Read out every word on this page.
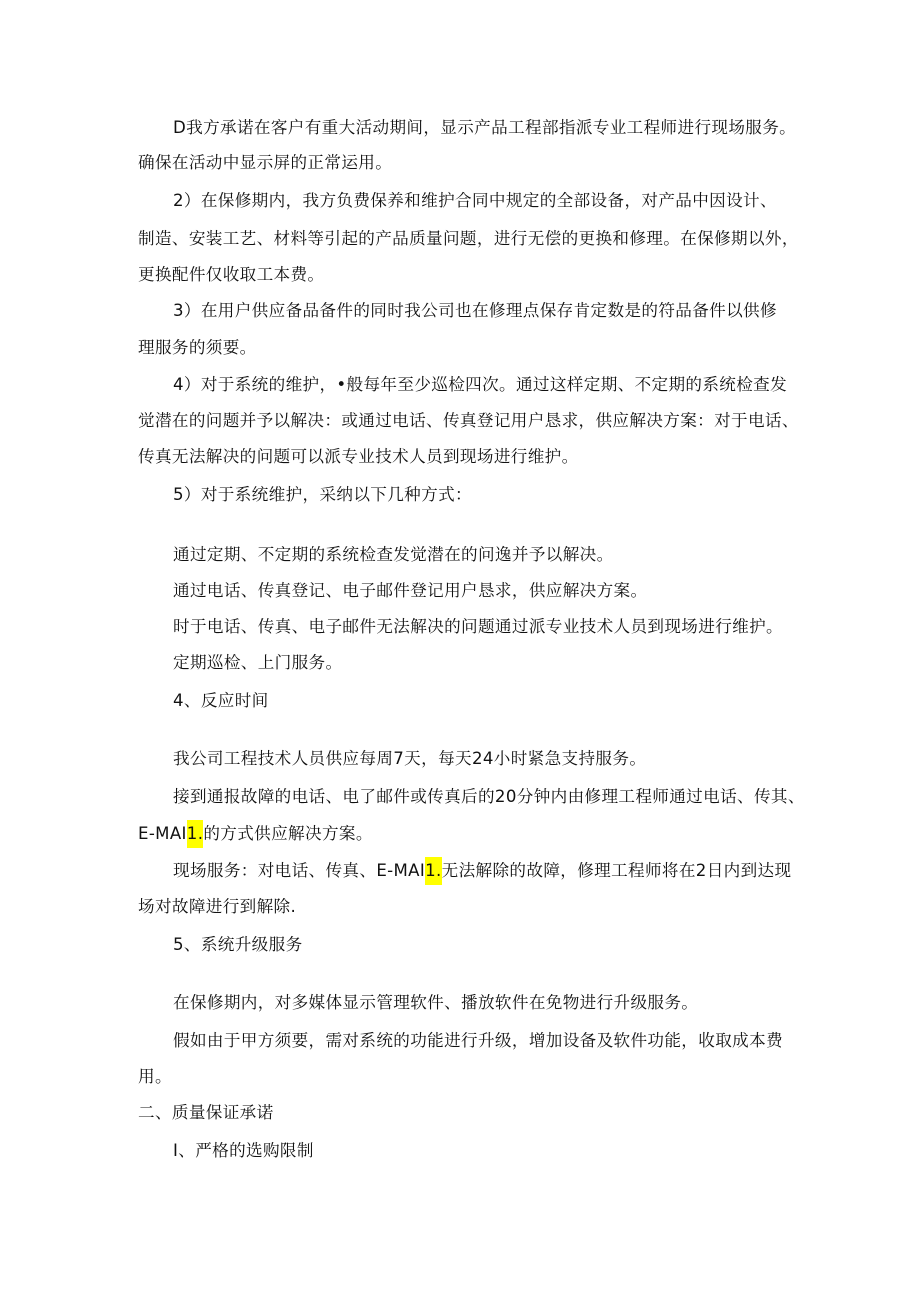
D我方承诺在客户有重大活动期间，显示产品工程部指派专业工程师进行现场服务。
确保在活动中显示屏的正常运用。
2）在保修期内，我方负费保养和维护合同中规定的全部设备，对产品中因设计、
制造、安装工艺、材料等引起的产品质量问题，进行无偿的更换和修理。在保修期以外，
更换配件仅收取工本费。
3）在用户供应备品备件的同时我公司也在修理点保存肯定数是的符品备件以供修
理服务的须要。
4）对于系统的维护，•般每年至少巡检四次。通过这样定期、不定期的系统检查发
觉潜在的问题并予以解决：或通过电话、传真登记用户恳求，供应解决方案：对于电话、
传真无法解决的问题可以派专业技术人员到现场进行维护。
5）对于系统维护，采纳以下几种方式：
通过定期、不定期的系统检查发觉潜在的问逸并予以解决。
通过电话、传真登记、电子邮件登记用户恳求，供应解决方案。
时于电话、传真、电子邮件无法解决的问题通过派专业技术人员到现场进行维护。
定期巡检、上门服务。
4、反应时间
我公司工程技术人员供应每周7天，每天24小时紧急支持服务。
接到通报故障的电话、电了邮件或传真后的20分钟内由修理工程师通过电话、传其、
E-MAI1.的方式供应解决方案。
现场服务：对电话、传真、E-MAI1.无法解除的故障，修理工程师将在2日内到达现
场对故障进行到解除.
5、系统升级服务
在保修期内，对多媒体显示管理软件、播放软件在免物进行升级服务。
假如由于甲方须要，需对系统的功能进行升级，增加设备及软件功能，收取成本费
用。
二、质量保证承诺
I、严格的选购限制
